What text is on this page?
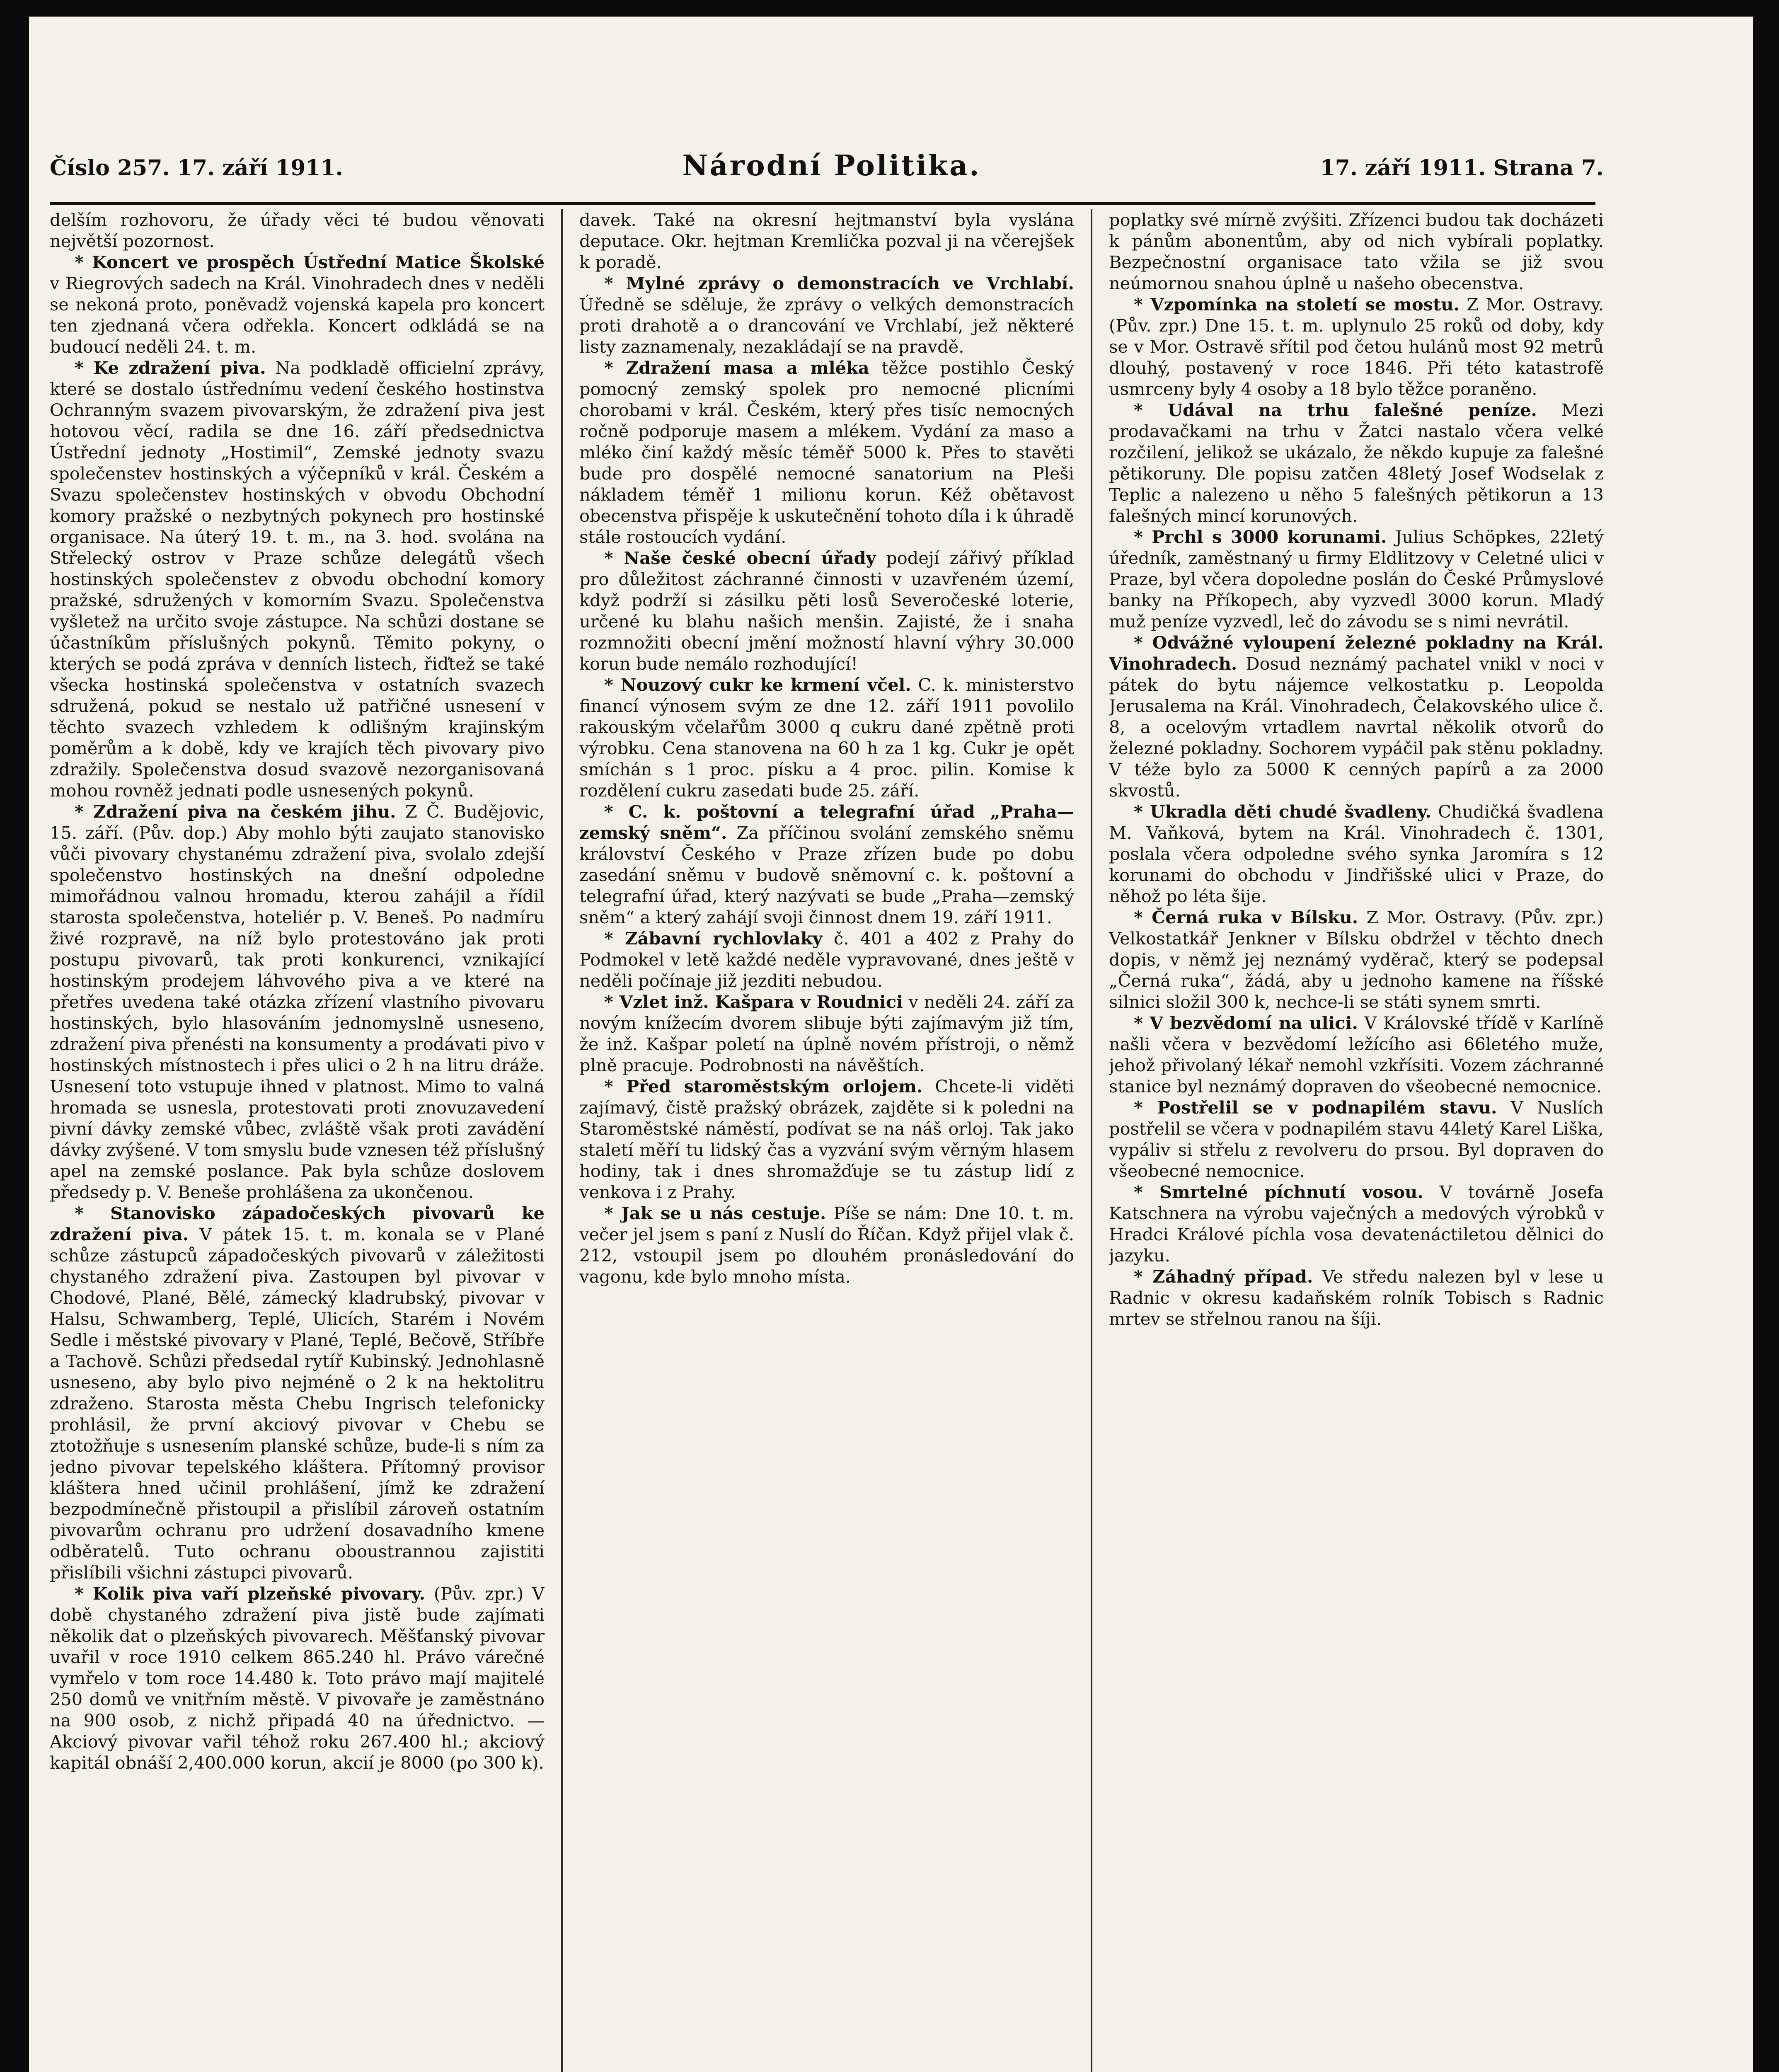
Číslo 257. 17. září 1911.	Národní Politika.	17. září 1911. Strana 7.

delším rozhovoru, že úřady věci té budou věnovati největší pozornost.

* Koncert ve prospěch Ústřední Matice Školské v Riegrových sadech na Král. Vinohradech dnes v neděli se nekoná proto, poněvadž vojenská kapela pro koncert ten zjednaná včera odřekla. Koncert odkládá se na budoucí neděli 24. t. m.

* Ke zdražení piva. Na podkladě officielní zprávy, které se dostalo ústřednímu vedení českého hostinstva Ochranným svazem pivovarským, že zdražení piva jest hotovou věcí, radila se dne 16. září předsednictva Ústřední jednoty „Hostimil“, Zemské jednoty svazu společenstev hostinských a výčepníků v král. Českém a Svazu společenstev hostinských v obvodu Obchodní komory pražské o nezbytných pokynech pro hostinské organisace. Na úterý 19. t. m., na 3. hod. svolána na Střelecký ostrov v Praze schůze delegátů všech hostinských společenstev z obvodu obchodní komory pražské, sdružených v komorním Svazu. Společenstva vyšletež na určito svoje zástupce. Na schůzi dostane se účastníkům příslušných pokynů. Těmito pokyny, o kterých se podá zpráva v denních listech, řiďtež se také všecka hostinská společenstva v ostatních svazech sdružená, pokud se nestalo už patřičné usnesení v těchto svazech vzhledem k odlišným krajinským poměrům a k době, kdy ve krajích těch pivovary pivo zdražily. Společenstva dosud svazově nezorganisovaná mohou rovněž jednati podle usnesených pokynů.

* Zdražení piva na českém jihu. Z Č. Budějovic, 15. září. (Pův. dop.) Aby mohlo býti zaujato stanovisko vůči pivovary chystanému zdražení piva, svolalo zdejší společenstvo hostinských na dnešní odpoledne mimořádnou valnou hromadu, kterou zahájil a řídil starosta společenstva, hoteliér p. V. Beneš. Po nadmíru živé rozpravě, na níž bylo protestováno jak proti postupu pivovarů, tak proti konkurenci, vznikající hostinským prodejem láhvového piva a ve které na přetřes uvedena také otázka zřízení vlastního pivovaru hostinských, bylo hlasováním jednomyslně usneseno, zdražení piva přenésti na konsumenty a prodávati pivo v hostinských místnostech i přes ulici o 2 h na litru dráže. Usnesení toto vstupuje ihned v platnost. Mimo to valná hromada se usnesla, protestovati proti znovuzavedení pivní dávky zemské vůbec, zvláště však proti zavádění dávky zvýšené. V tom smyslu bude vznesen též příslušný apel na zemské poslance. Pak byla schůze doslovem předsedy p. V. Beneše prohlášena za ukončenou.

* Stanovisko západočeských pivovarů ke zdražení piva. V pátek 15. t. m. konala se v Plané schůze zástupců západočeských pivovarů v záležitosti chystaného zdražení piva. Zastoupen byl pivovar v Chodové, Plané, Bělé, zámecký kladrubský, pivovar v Halsu, Schwamberg, Teplé, Ulicích, Starém i Novém Sedle i městské pivovary v Plané, Teplé, Bečově, Stříbře a Tachově. Schůzi předsedal rytíř Kubinský. Jednohlasně usneseno, aby bylo pivo nejméně o 2 k na hektolitru zdraženo. Starosta města Chebu Ingrisch telefonicky prohlásil, že první akciový pivovar v Chebu se ztotožňuje s usnesením planské schůze, bude-li s ním za jedno pivovar tepelského kláštera. Přítomný provisor kláštera hned učinil prohlášení, jímž ke zdražení bezpodmínečně přistoupil a přislíbil zároveň ostatním pivovarům ochranu pro udržení dosavadního kmene odběratelů. Tuto ochranu oboustrannou zajistiti přislíbili všichni zástupci pivovarů.

* Kolik piva vaří plzeňské pivovary. (Pův. zpr.) V době chystaného zdražení piva jistě bude zajímati několik dat o plzeňských pivovarech. Měšťanský pivovar uvařil v roce 1910 celkem 865.240 hl. Právo várečné vymřelo v tom roce 14.480 k. Toto právo mají majitelé 250 domů ve vnitřním městě. V pivovaře je zaměstnáno na 900 osob, z nichž připadá 40 na úřednictvo. — Akciový pivovar vařil téhož roku 267.400 hl.; akciový kapitál obnáší 2,400.000 korun, akcií je 8000 (po 300 k).

davek. Také na okresní hejtmanství byla vyslána deputace. Okr. hejtman Kremlička pozval ji na včerejšek k poradě.

* Mylné zprávy o demonstracích ve Vrchlabí. Úředně se sděluje, že zprávy o velkých demonstracích proti drahotě a o drancování ve Vrchlabí, jež některé listy zaznamenaly, nezakládají se na pravdě.

* Zdražení masa a mléka těžce postihlo Český pomocný zemský spolek pro nemocné plicními chorobami v král. Českém, který přes tisíc nemocných ročně podporuje masem a mlékem. Vydání za maso a mléko činí každý měsíc téměř 5000 k. Přes to stavěti bude pro dospělé nemocné sanatorium na Pleši nákladem téměř 1 milionu korun. Kéž obětavost obecenstva přispěje k uskutečnění tohoto díla i k úhradě stále rostoucích vydání.

* Naše české obecní úřady podejí zářivý příklad pro důležitost záchranné činnosti v uzavřeném území, když podrží si zásilku pěti losů Severočeské loterie, určené ku blahu našich menšin. Zajisté, že i snaha rozmnožiti obecní jmění možností hlavní výhry 30.000 korun bude nemálo rozhodující!

* Nouzový cukr ke krmení včel. C. k. ministerstvo financí výnosem svým ze dne 12. září 1911 povolilo rakouským včelařům 3000 q cukru dané zpětně proti výrobku. Cena stanovena na 60 h za 1 kg. Cukr je opět smíchán s 1 proc. písku a 4 proc. pilin. Komise k rozdělení cukru zasedati bude 25. září.

* C. k. poštovní a telegrafní úřad „Praha—zemský sněm“. Za příčinou svolání zemského sněmu království Českého v Praze zřízen bude po dobu zasedání sněmu v budově sněmovní c. k. poštovní a telegrafní úřad, který nazývati se bude „Praha—zemský sněm“ a který zahájí svoji činnost dnem 19. září 1911.

* Zábavní rychlovlaky č. 401 a 402 z Prahy do Podmokel v letě každé neděle vypravované, dnes ještě v neděli počínaje již jezditi nebudou.

* Vzlet inž. Kašpara v Roudnici v neděli 24. září za novým knížecím dvorem slibuje býti zajímavým již tím, že inž. Kašpar poletí na úplně novém přístroji, o němž plně pracuje. Podrobnosti na návěštích.

* Před staroměstským orlojem. Chcete-li viděti zajímavý, čistě pražský obrázek, zajděte si k poledni na Staroměstské náměstí, podívat se na náš orloj. Tak jako staletí měří tu lidský čas a vyzvání svým věrným hlasem hodiny, tak i dnes shromažďuje se tu zástup lidí z venkova i z Prahy.

* Jak se u nás cestuje. Píše se nám: Dne 10. t. m. večer jel jsem s paní z Nuslí do Říčan. Když přijel vlak č. 212, vstoupil jsem po dlouhém pronásledování do vagonu, kde bylo mnoho místa.

poplatky své mírně zvýšiti. Zřízenci budou tak docházeti k pánům abonentům, aby od nich vybírali poplatky. Bezpečnostní organisace tato vžila se již svou neúmornou snahou úplně u našeho obecenstva.

* Vzpomínka na století se mostu. Z Mor. Ostravy. (Pův. zpr.) Dne 15. t. m. uplynulo 25 roků od doby, kdy se v Mor. Ostravě sřítil pod četou hulánů most 92 metrů dlouhý, postavený v roce 1846. Při této katastrofě usmrceny byly 4 osoby a 18 bylo těžce poraněno.

* Udával na trhu falešné peníze. Mezi prodavačkami na trhu v Žatci nastalo včera velké rozčilení, jelikož se ukázalo, že někdo kupuje za falešné pětikoruny. Dle popisu zatčen 48letý Josef Wodselak z Teplic a nalezeno u něho 5 falešných pětikorun a 13 falešných mincí korunových.

* Prchl s 3000 korunami. Julius Schöpkes, 22letý úředník, zaměstnaný u firmy Eldlitzovy v Celetné ulici v Praze, byl včera dopoledne poslán do České Průmyslové banky na Příkopech, aby vyzvedl 3000 korun. Mladý muž peníze vyzvedl, leč do závodu se s nimi nevrátil.

* Odvážné vyloupení železné pokladny na Král. Vinohradech. Dosud neznámý pachatel vnikl v noci v pátek do bytu nájemce velkostatku p. Leopolda Jerusalema na Král. Vinohradech, Čelakovského ulice č. 8, a ocelovým vrtadlem navrtal několik otvorů do železné pokladny. Sochorem vypáčil pak stěnu pokladny. V téže bylo za 5000 K cenných papírů a za 2000 skvostů.

* Ukradla děti chudé švadleny. Chudičká švadlena M. Vaňková, bytem na Král. Vinohradech č. 1301, poslala včera odpoledne svého synka Jaromíra s 12 korunami do obchodu v Jindřišské ulici v Praze, do něhož po léta šije.

* Černá ruka v Bílsku. Z Mor. Ostravy. (Pův. zpr.) Velkostatkář Jenkner v Bílsku obdržel v těchto dnech dopis, v němž jej neznámý vyděrač, který se podepsal „Černá ruka“, žádá, aby u jednoho kamene na říšské silnici složil 300 k, nechce-li se státi synem smrti.

* V bezvědomí na ulici. V Královské třídě v Karlíně našli včera v bezvědomí ležícího asi 66letého muže, jehož přivolaný lékař nemohl vzkřísiti. Vozem záchranné stanice byl neznámý dopraven do všeobecné nemocnice.

* Postřelil se v podnapilém stavu. V Nuslích postřelil se včera v podnapilém stavu 44letý Karel Liška, vypáliv si střelu z revolveru do prsou. Byl dopraven do všeobecné nemocnice.

* Smrtelné píchnutí vosou. V továrně Josefa Katschnera na výrobu vaječných a medových výrobků v Hradci Králové píchla vosa devatenáctiletou dělnici do jazyku.

* Záhadný případ. Ve středu nalezen byl v lese u Radnic v okresu kadaňském rolník Tobisch s Radnic mrtev se střelnou ranou na šíji.
